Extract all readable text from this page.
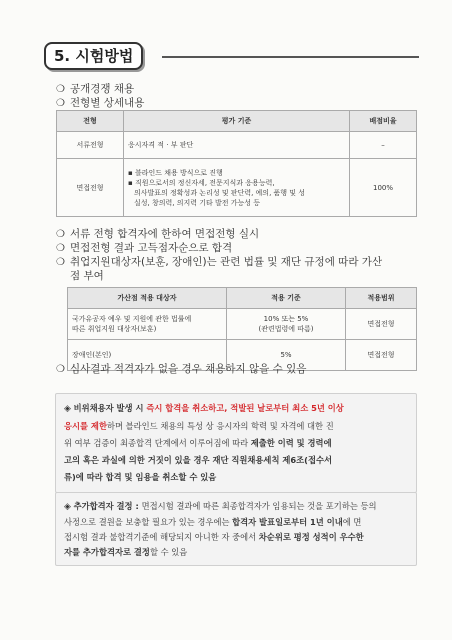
5. 시험방법
❍ 공개경쟁 채용
❍ 전형별 상세내용
전형	평가 기준	배점비율
서류전형	응시자격 적 · 부 판단	–
면접전형	▪ 블라인드 채용 방식으로 진행
▪ 직원으로서의 정신자세, 전문지식과 응용능력,
의사발표의 정확성과 논리성 및 판단력, 예의, 품행 및 성
실성, 창의력, 의지력 기타 발전 가능성 등	100%
❍ 서류 전형 합격자에 한하여 면접전형 실시
❍ 면접전형 결과 고득점자순으로 합격
❍ 취업지원대상자(보훈, 장애인)는 관련 법률 및 재단 규정에 따라 가산
점 부여
가산점 적용 대상자	적용 기준	적용범위

국가유공자 예우 및 지원에 관한 법률에
따른 취업지원 대상자(보훈)	10% 또는 5%
(관련법령에 따름)	면접전형
장애인(본인)	5%	면접전형
❍ 심사결과 적격자가 없을 경우 채용하지 않을 수 있음
◈ 비위채용자 발생 시 즉시 합격을 취소하고, 적발된 날로부터 최소 5년 이상
응시를 제한하며 블라인드 채용의 특성 상 응시자의 학력 및 자격에 대한 진
위 여부 검증이 최종합격 단계에서 이루어짐에 따라 제출한 이력 및 경력에
고의 혹은 과실에 의한 거짓이 있을 경우 재단 직원채용세칙 제6조(접수서
류)에 따라 합격 및 임용을 취소할 수 있음
◈ 추가합격자 결정 : 면접시험 결과에 따른 최종합격자가 임용되는 것을 포기하는 등의
사정으로 결원을 보충할 필요가 있는 경우에는 합격자 발표일로부터 1년 이내에 면
접시험 결과 불합격기준에 해당되지 아니한 자 중에서 차순위로 평정 성적이 우수한
자를 추가합격자로 결정할 수 있음
